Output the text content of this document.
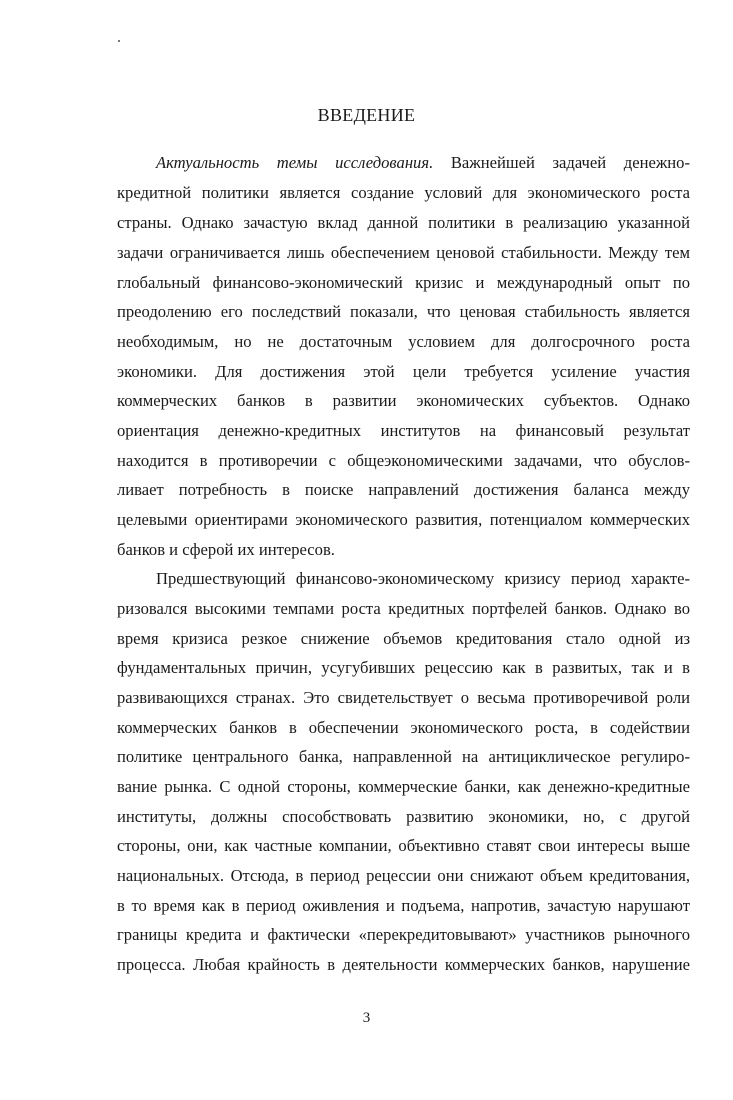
ВВЕДЕНИЕ
Актуальность темы исследования. Важнейшей задачей денежно-
кредитной политики является создание условий для экономического роста
страны. Однако зачастую вклад данной политики в реализацию указанной
задачи ограничивается лишь обеспечением ценовой стабильности. Между тем
глобальный финансово-экономический кризис и международный опыт по
преодолению его последствий показали, что ценовая стабильность является
необходимым, но не достаточным условием для долгосрочного роста
экономики. Для достижения этой цели требуется усиление участия
коммерческих банков в развитии экономических субъектов. Однако
ориентация денежно-кредитных институтов на финансовый результат
находится в противоречии с общеэкономическими задачами, что обуслов-
ливает потребность в поиске направлений достижения баланса между
целевыми ориентирами экономического развития, потенциалом коммерческих
банков и сферой их интересов.
Предшествующий финансово-экономическому кризису период характе-
ризовался высокими темпами роста кредитных портфелей банков. Однако во
время кризиса резкое снижение объемов кредитования стало одной из
фундаментальных причин, усугубивших рецессию как в развитых, так и в
развивающихся странах. Это свидетельствует о весьма противоречивой роли
коммерческих банков в обеспечении экономического роста, в содействии
политике центрального банка, направленной на антициклическое регулиро-
вание рынка. С одной стороны, коммерческие банки, как денежно-кредитные
институты, должны способствовать развитию экономики, но, с другой
стороны, они, как частные компании, объективно ставят свои интересы выше
национальных. Отсюда, в период рецессии они снижают объем кредитования,
в то время как в период оживления и подъема, напротив, зачастую нарушают
границы кредита и фактически «перекредитовывают» участников рыночного
процесса. Любая крайность в деятельности коммерческих банков, нарушение
3
